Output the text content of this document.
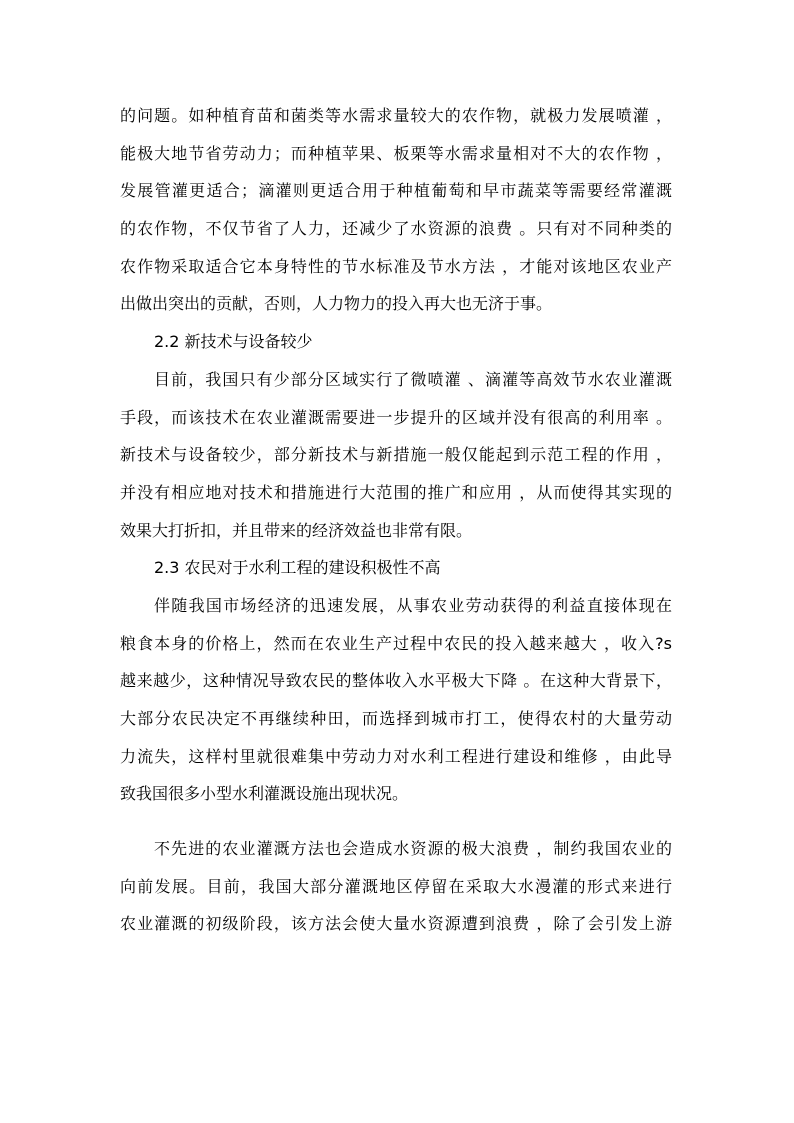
的问题。如种植育苗和菌类等水需求量较大的农作物，就极力发展喷灌 ，
能极大地节省劳动力；而种植苹果、板栗等水需求量相对不大的农作物 ，
发展管灌更适合；滴灌则更适合用于种植葡萄和早市蔬菜等需要经常灌溉
的农作物，不仅节省了人力，还减少了水资源的浪费 。只有对不同种类的
农作物采取适合它本身特性的节水标准及节水方法 ，才能对该地区农业产
出做出突出的贡献，否则，人力物力的投入再大也无济于事。
2.2 新技术与设备较少
目前，我国只有少部分区域实行了微喷灌 、滴灌等高效节水农业灌溉
手段，而该技术在农业灌溉需要进一步提升的区域并没有很高的利用率 。
新技术与设备较少，部分新技术与新措施一般仅能起到示范工程的作用 ，
并没有相应地对技术和措施进行大范围的推广和应用 ，从而使得其实现的
效果大打折扣，并且带来的经济效益也非常有限。
2.3 农民对于水利工程的建设积极性不高
伴随我国市场经济的迅速发展，从事农业劳动获得的利益直接体现在
粮食本身的价格上，然而在农业生产过程中农民的投入越来越大 ，收入?s
越来越少，这种情况导致农民的整体收入水平极大下降 。在这种大背景下，
大部分农民决定不再继续种田，而选择到城市打工，使得农村的大量劳动
力流失，这样村里就很难集中劳动力对水利工程进行建设和维修 ，由此导
致我国很多小型水利灌溉设施出现状况。
不先进的农业灌溉方法也会造成水资源的极大浪费 ，制约我国农业的
向前发展。目前，我国大部分灌溉地区停留在采取大水漫灌的形式来进行
农业灌溉的初级阶段，该方法会使大量水资源遭到浪费 ，除了会引发上游
